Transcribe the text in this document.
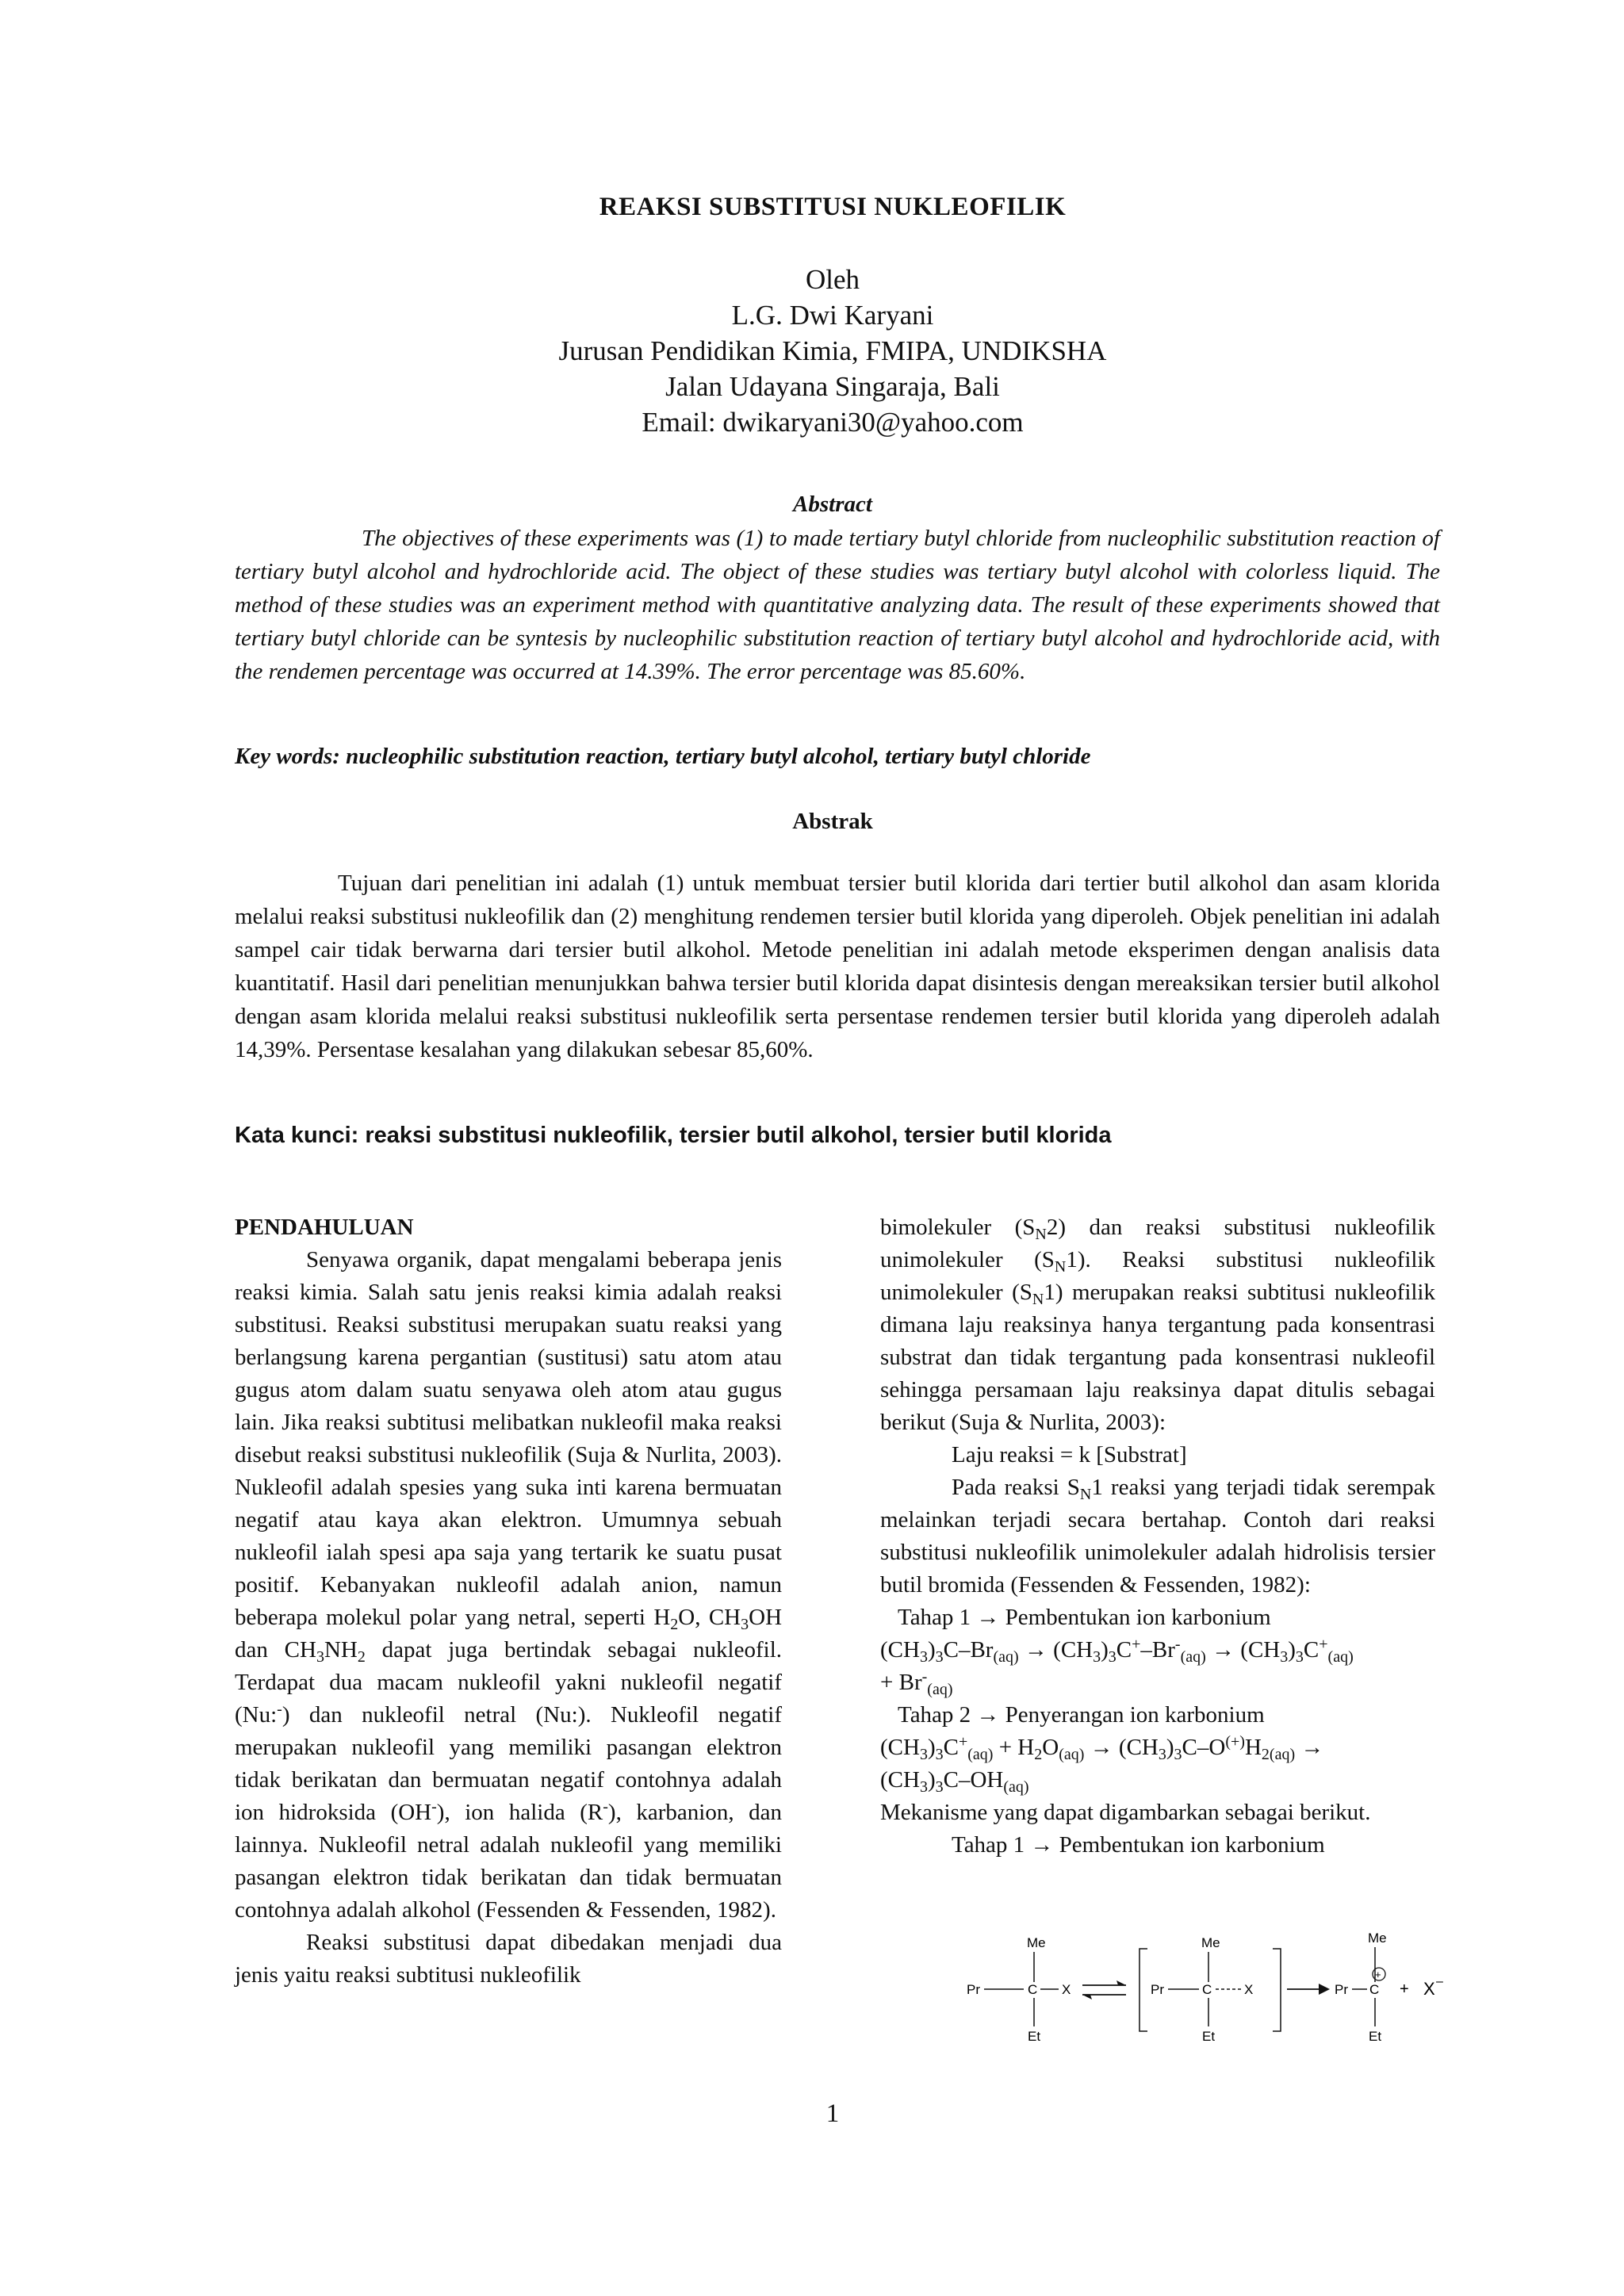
REAKSI SUBSTITUSI NUKLEOFILIK
Oleh
L.G. Dwi Karyani
Jurusan Pendidikan Kimia, FMIPA, UNDIKSHA
Jalan Udayana Singaraja, Bali
Email: dwikaryani30@yahoo.com
Abstract

The objectives of these experiments was (1) to made tertiary butyl chloride from nucleophilic substitution reaction of tertiary butyl alcohol and hydrochloride acid. The object of these studies was tertiary butyl alcohol with colorless liquid. The method of these studies was an experiment method with quantitative analyzing data. The result of these experiments showed that tertiary butyl chloride can be syntesis by nucleophilic substitution reaction of tertiary butyl alcohol and hydrochloride acid, with the rendemen percentage was occurred at 14.39%. The error percentage was 85.60%.

Key words: nucleophilic substitution reaction, tertiary butyl alcohol, tertiary butyl chloride
Abstrak

Tujuan dari penelitian ini adalah (1) untuk membuat tersier butil klorida dari tertier butil alkohol dan asam klorida melalui reaksi substitusi nukleofilik dan (2) menghitung rendemen tersier butil klorida yang diperoleh. Objek penelitian ini adalah sampel cair tidak berwarna dari tersier butil alkohol. Metode penelitian ini adalah metode eksperimen dengan analisis data kuantitatif. Hasil dari penelitian menunjukkan bahwa tersier butil klorida dapat disintesis dengan mereaksikan tersier butil alkohol dengan asam klorida melalui reaksi substitusi nukleofilik serta persentase rendemen tersier butil klorida yang diperoleh adalah 14,39%. Persentase kesalahan yang dilakukan sebesar 85,60%.

Kata kunci: reaksi substitusi nukleofilik, tersier butil alkohol, tersier butil klorida

PENDAHULUAN

Senyawa organik, dapat mengalami beberapa jenis reaksi kimia. Salah satu jenis reaksi kimia adalah reaksi substitusi. Reaksi substitusi merupakan suatu reaksi yang berlangsung karena pergantian (sustitusi) satu atom atau gugus atom dalam suatu senyawa oleh atom atau gugus lain. Jika reaksi subtitusi melibatkan nukleofil maka reaksi disebut reaksi substitusi nukleofilik (Suja & Nurlita, 2003). Nukleofil adalah spesies yang suka inti karena bermuatan negatif atau kaya akan elektron. Umumnya sebuah nukleofil ialah spesi apa saja yang tertarik ke suatu pusat positif. Kebanyakan nukleofil adalah anion, namun beberapa molekul polar yang netral, seperti $H_2O$, $CH_3OH$ dan $CH_3NH_2$ dapat juga bertindak sebagai nukleofil. Terdapat dua macam nukleofil yakni nukleofil negatif (Nu:-) dan nukleofil netral (Nu:). Nukleofil negatif merupakan nukleofil yang memiliki pasangan elektron tidak berikatan dan bermuatan negatif contohnya adalah ion hidroksida (OH-), ion halida (R-), karbanion, dan lainnya. Nukleofil netral adalah nukleofil yang memiliki pasangan elektron tidak berikatan dan tidak bermuatan contohnya adalah alkohol (Fessenden & Fessenden, 1982).

Reaksi substitusi dapat dibedakan menjadi dua jenis yaitu reaksi subtitusi nukleofilik

bimolekuler $(S_N2)$ dan reaksi substitusi nukleofilik unimolekuler $(S_N1)$. Reaksi substitusi nukleofilik unimolekuler $(S_N1)$ merupakan reaksi subtitusi nukleofilik dimana laju reaksinya hanya tergantung pada konsentrasi substrat dan tidak tergantung pada konsentrasi nukleofil sehingga persamaan laju reaksinya dapat ditulis sebagai berikut (Suja & Nurlita, 2003):

Laju reaksi = k [Substrat]

Pada reaksi $S_N1$ reaksi yang terjadi tidak serempak melainkan terjadi secara bertahap. Contoh dari reaksi substitusi nukleofilik unimolekuler adalah hidrolisis tersier butil bromida (Fessenden & Fessenden, 1982):

Tahap 1 → Pembentukan ion karbonium

$(CH_3)_3C-Br_{(aq)} \to (CH_3)_3C^+-Br^-_{(aq)} \to (CH_3)_3C^+_{(aq)}$
+ $Br^-_{(aq)}$

Tahap 2 → Penyerangan ion karbonium

$(CH_3)_3C^+_{(aq)} + H_2O_{(aq)} \to (CH_3)_3C-O^{(+)}H_{2(aq)}$ →
$(CH_3)_3C-OH_{(aq)}$

Mekanisme yang dapat digambarkan sebagai berikut.

Tahap 1 → Pembentukan ion karbonium

Me
Pr	C X
Et
Me
Pr	C X
Et
Me
Pr C
+
Et
+ X –
1
